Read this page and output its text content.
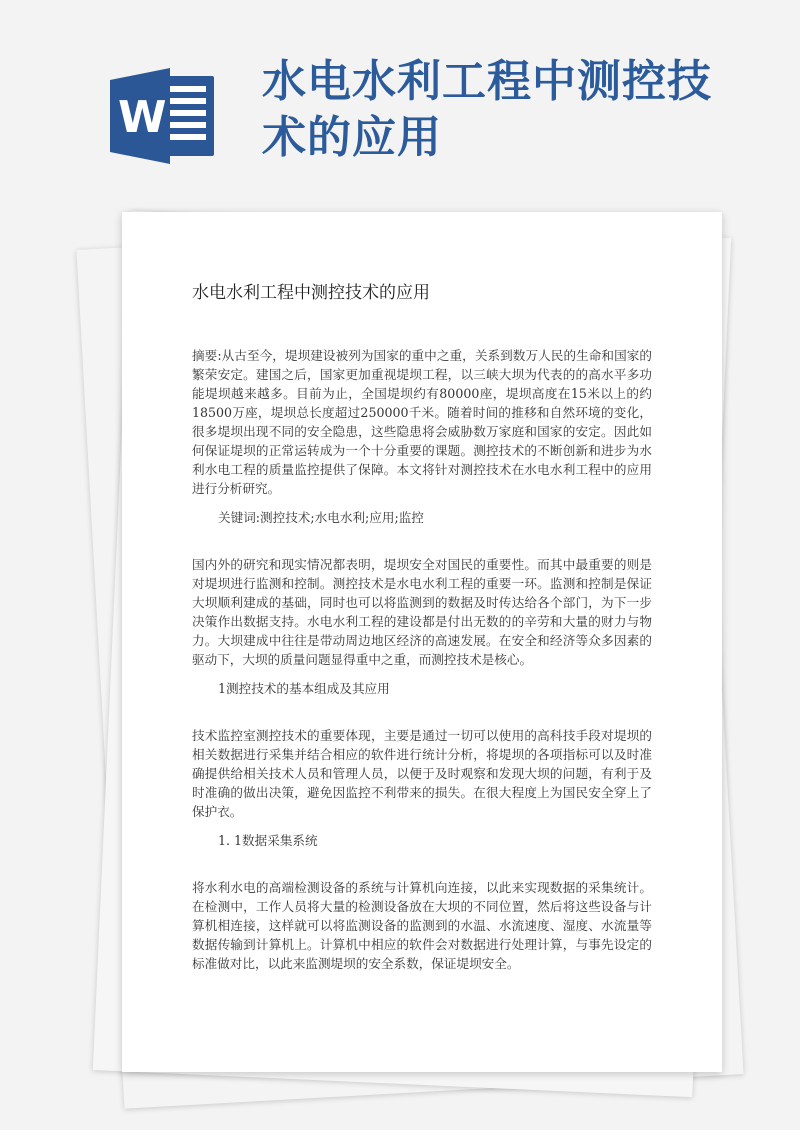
W
水电水利工程中测控技术的应用
水电水利工程中测控技术的应用

摘要:从古至今，堤坝建设被列为国家的重中之重，关系到数万人民的生命和国家的繁荣安定。建国之后，国家更加重视堤坝工程，以三峡大坝为代表的的高水平多功能堤坝越来越多。目前为止，全国堤坝约有80000座，堤坝高度在15米以上的约18500万座，堤坝总长度超过250000千米。随着时间的推移和自然环境的变化，很多堤坝出现不同的安全隐患，这些隐患将会威胁数万家庭和国家的安定。因此如何保证堤坝的正常运转成为一个十分重要的课题。测控技术的不断创新和进步为水利水电工程的质量监控提供了保障。本文将针对测控技术在水电水利工程中的应用进行分析研究。

关键词:测控技术;水电水利;应用;监控

国内外的研究和现实情况都表明，堤坝安全对国民的重要性。而其中最重要的则是对堤坝进行监测和控制。测控技术是水电水利工程的重要一环。监测和控制是保证大坝顺利建成的基础，同时也可以将监测到的数据及时传达给各个部门，为下一步决策作出数据支持。水电水利工程的建设都是付出无数的的辛劳和大量的财力与物力。大坝建成中往往是带动周边地区经济的高速发展。在安全和经济等众多因素的驱动下，大坝的质量问题显得重中之重，而测控技术是核心。

1测控技术的基本组成及其应用

技术监控室测控技术的重要体现，主要是通过一切可以使用的高科技手段对堤坝的相关数据进行采集并结合相应的软件进行统计分析，将堤坝的各项指标可以及时准确提供给相关技术人员和管理人员，以便于及时观察和发现大坝的问题，有利于及时准确的做出决策，避免因监控不利带来的损失。在很大程度上为国民安全穿上了保护衣。

1. 1数据采集系统

将水利水电的高端检测设备的系统与计算机向连接，以此来实现数据的采集统计。在检测中，工作人员将大量的检测设备放在大坝的不同位置，然后将这些设备与计算机相连接，这样就可以将监测设备的监测到的水温、水流速度、湿度、水流量等数据传输到计算机上。计算机中相应的软件会对数据进行处理计算，与事先设定的标准做对比，以此来监测堤坝的安全系数，保证堤坝安全。
